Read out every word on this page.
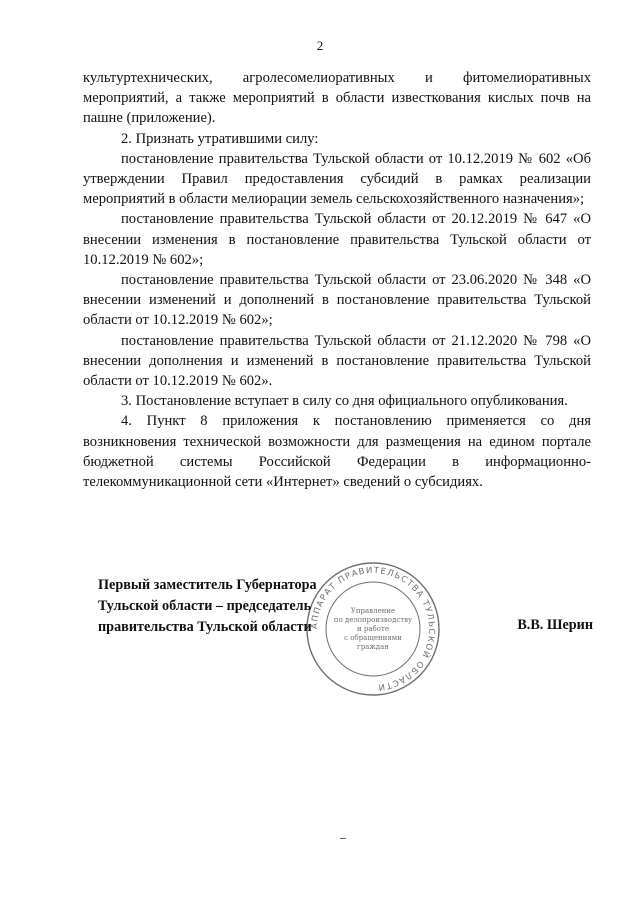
2

культуртехнических, агролесомелиоративных и фитомелиоративных мероприятий, а также мероприятий в области известкования кислых почв на пашне (приложение).

2. Признать утратившими силу:

постановление правительства Тульской области от 10.12.2019 № 602 «Об утверждении Правил предоставления субсидий в рамках реализации мероприятий в области мелиорации земель сельскохозяйственного назначения»;

постановление правительства Тульской области от 20.12.2019 № 647 «О внесении изменения в постановление правительства Тульской области от 10.12.2019 № 602»;

постановление правительства Тульской области от 23.06.2020 № 348 «О внесении изменений и дополнений в постановление правительства Тульской области от 10.12.2019 № 602»;

постановление правительства Тульской области от 21.12.2020 № 798 «О внесении дополнения и изменений в постановление правительства Тульской области от 10.12.2019 № 602».

3. Постановление вступает в силу со дня официального опубликования.

4. Пункт 8 приложения к постановлению применяется со дня возникновения технической возможности для размещения на едином портале бюджетной системы Российской Федерации в информационно-телекоммуникационной сети «Интернет» сведений о субсидиях.

АППАРАТ ПРАВИТЕЛЬСТВА ТУЛЬСКОЙ ОБЛАСТИ
Управление
по делопроизводству
и работе
с обращениями
граждан
Первый заместитель Губернатора
Тульской области – председатель
правительства Тульской области	В.В. Шерин
